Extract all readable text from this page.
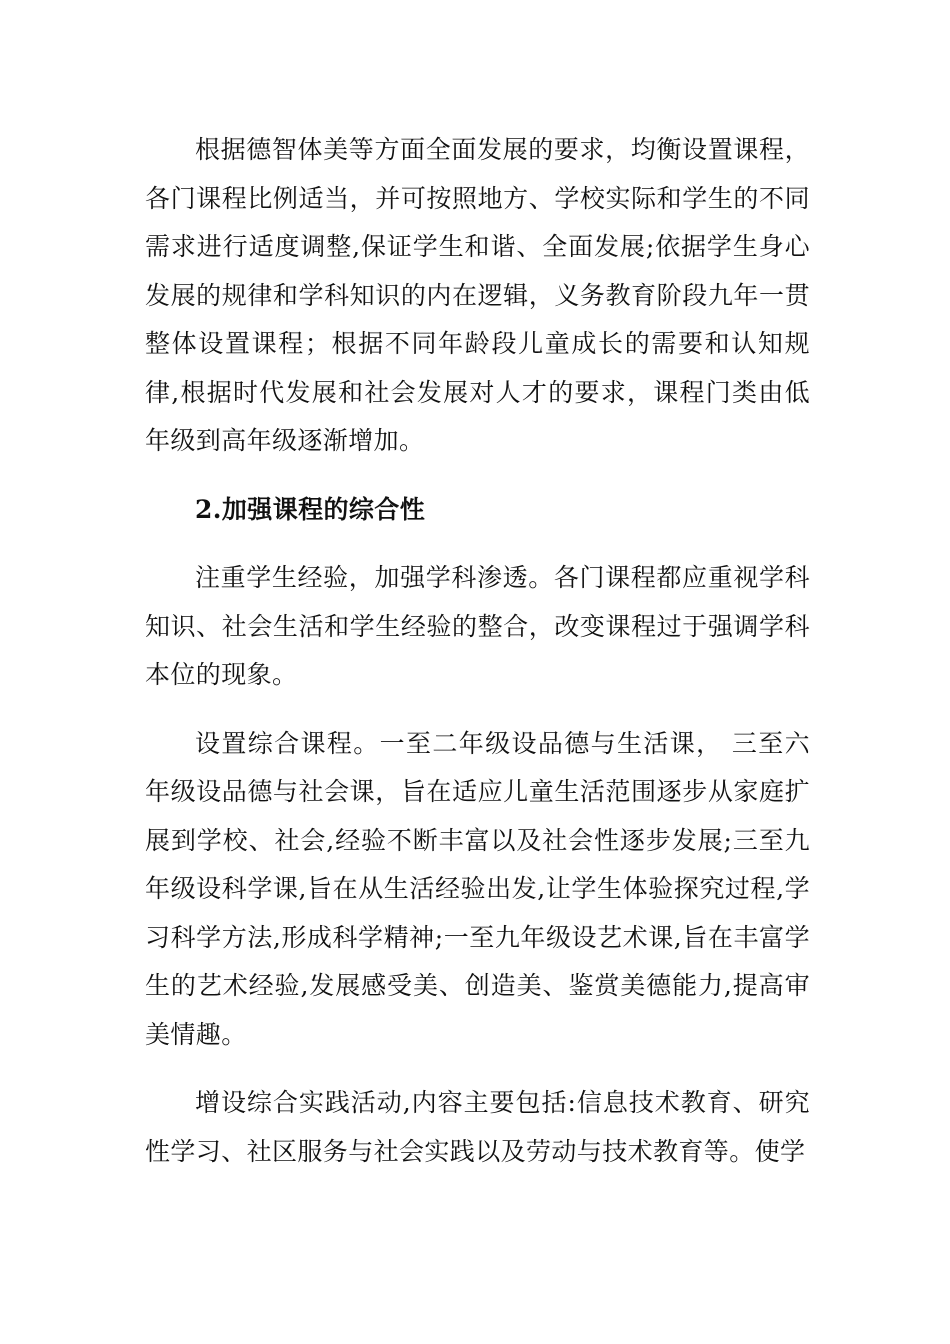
根据德智体美等方面全面发展的要求，均衡设置课程，各门课程比例适当，并可按照地方、学校实际和学生的不同需求进行适度调整,保证学生和谐、全面发展;依据学生身心发展的规律和学科知识的内在逻辑，义务教育阶段九年一贯整体设置课程；根据不同年龄段儿童成长的需要和认知规律,根据时代发展和社会发展对人才的要求，课程门类由低年级到高年级逐渐增加。

2.加强课程的综合性

注重学生经验，加强学科渗透。各门课程都应重视学科知识、社会生活和学生经验的整合，改变课程过于强调学科本位的现象。

设置综合课程。一至二年级设品德与生活课， 三至六年级设品德与社会课，旨在适应儿童生活范围逐步从家庭扩展到学校、社会,经验不断丰富以及社会性逐步发展;三至九年级设科学课,旨在从生活经验出发,让学生体验探究过程,学习科学方法,形成科学精神;一至九年级设艺术课,旨在丰富学生的艺术经验,发展感受美、创造美、鉴赏美德能力,提高审美情趣。

增设综合实践活动,内容主要包括:信息技术教育、研究性学习、社区服务与社会实践以及劳动与技术教育等。使学
